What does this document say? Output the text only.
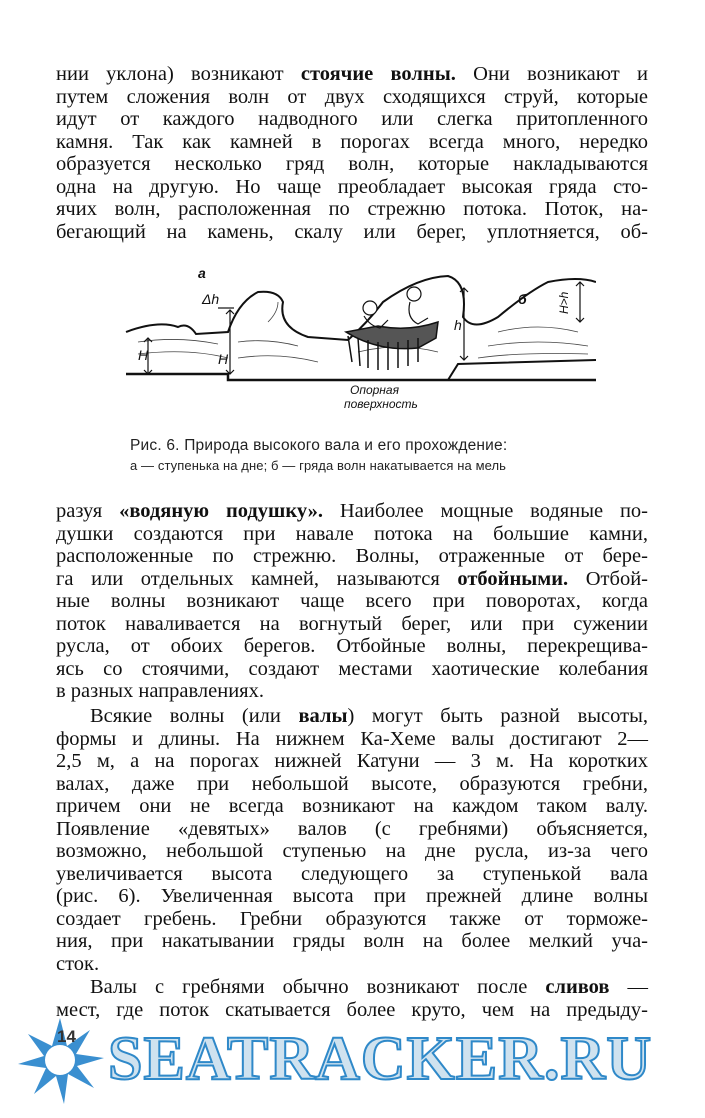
нии уклона) возникают стоячие волны. Они возникают и
путем сложения волн от двух сходящихся струй, которые
идут от каждого надводного или слегка притопленного
камня. Так как камней в порогах всегда много, нередко
образуется несколько гряд волн, которые накладываются
одна на другую. Но чаще преобладает высокая гряда сто-
ячих волн, расположенная по стрежню потока. Поток, на-
бегающий на камень, скалу или берег, уплотняется, об-
а
б
Δh
Н	Н
h
Н>h
Опорная
поверхность
Рис. 6. Природа высокого вала и его прохождение:
а — ступенька на дне; б — гряда волн накатывается на мель
разуя «водяную подушку». Наиболее мощные водяные по-
душки создаются при навале потока на большие камни,
расположенные по стрежню. Волны, отраженные от бере-
га или отдельных камней, называются отбойными. Отбой-
ные волны возникают чаще всего при поворотах, когда
поток наваливается на вогнутый берег, или при сужении
русла, от обоих берегов. Отбойные волны, перекрещива-
ясь со стоячими, создают местами хаотические колебания
в разных направлениях.
Всякие волны (или валы) могут быть разной высоты,
формы и длины. На нижнем Ка-Хеме валы достигают 2—
2,5 м, а на порогах нижней Катуни — 3 м. На коротких
валах, даже при небольшой высоте, образуются гребни,
причем они не всегда возникают на каждом таком валу.
Появление «девятых» валов (с гребнями) объясняется,
возможно, небольшой ступенью на дне русла, из-за чего
увеличивается высота следующего за ступенькой вала
(рис. 6). Увеличенная высота при прежней длине волны
создает гребень. Гребни образуются также от торможе-
ния, при накатывании гряды волн на более мелкий уча-
сток.
Валы с гребнями обычно возникают после сливов —
мест, где поток скатывается более круто, чем на предыду-
14 SEATRACKER.RU
